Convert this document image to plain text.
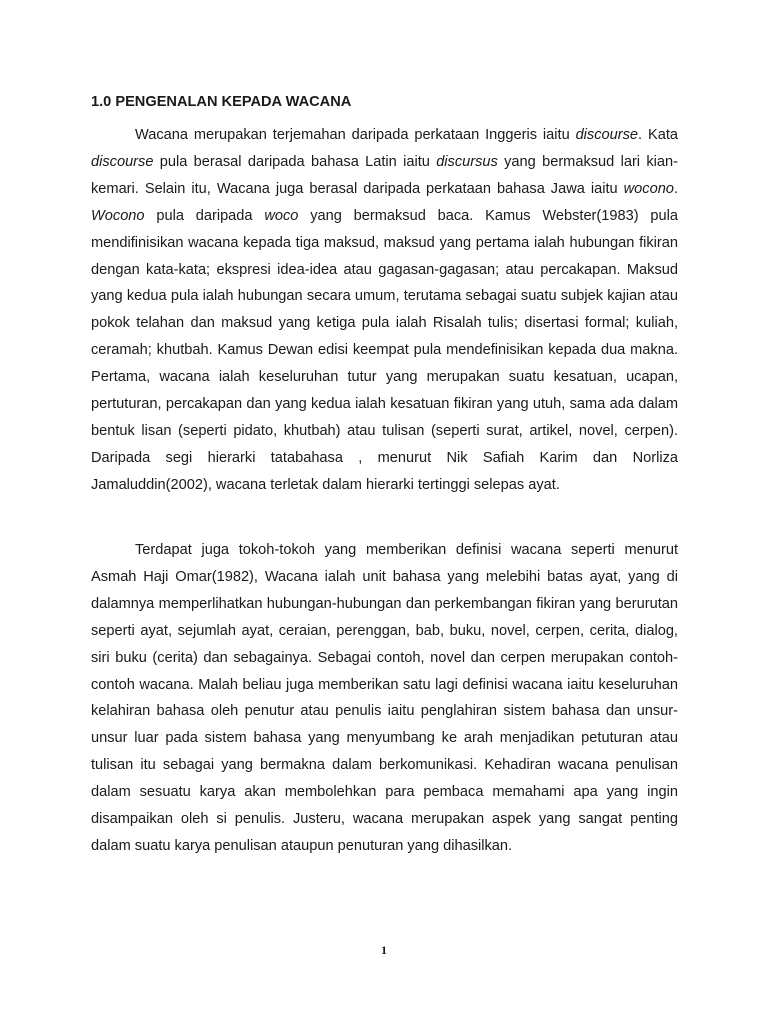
1.0 PENGENALAN KEPADA WACANA

Wacana merupakan terjemahan daripada perkataan Inggeris iaitu discourse. Kata discourse pula berasal daripada bahasa Latin iaitu discursus yang bermaksud lari kian-kemari. Selain itu, Wacana juga berasal daripada perkataan bahasa Jawa iaitu wocono. Wocono pula daripada woco yang bermaksud baca. Kamus Webster(1983) pula mendifinisikan wacana kepada tiga maksud, maksud yang pertama ialah hubungan fikiran dengan kata-kata; ekspresi idea-idea atau gagasan-gagasan; atau percakapan. Maksud yang kedua pula ialah hubungan secara umum, terutama sebagai suatu subjek kajian atau pokok telahan dan maksud yang ketiga pula ialah Risalah tulis; disertasi formal; kuliah, ceramah; khutbah. Kamus Dewan edisi keempat pula mendefinisikan kepada dua makna. Pertama, wacana ialah keseluruhan tutur yang merupakan suatu kesatuan, ucapan, pertuturan, percakapan dan yang kedua ialah kesatuan fikiran yang utuh, sama ada dalam bentuk lisan (seperti pidato, khutbah) atau tulisan (seperti surat, artikel, novel, cerpen). Daripada segi hierarki tatabahasa , menurut Nik Safiah Karim dan Norliza Jamaluddin(2002), wacana terletak dalam hierarki tertinggi selepas ayat.

Terdapat juga tokoh-tokoh yang memberikan definisi wacana seperti menurut Asmah Haji Omar(1982), Wacana ialah unit bahasa yang melebihi batas ayat, yang di dalamnya memperlihatkan hubungan-hubungan dan perkembangan fikiran yang berurutan seperti ayat, sejumlah ayat, ceraian, perenggan, bab, buku, novel, cerpen, cerita, dialog, siri buku (cerita) dan sebagainya. Sebagai contoh, novel dan cerpen merupakan contoh-contoh wacana. Malah beliau juga memberikan satu lagi definisi wacana iaitu keseluruhan kelahiran bahasa oleh penutur atau penulis iaitu penglahiran sistem bahasa dan unsur-unsur luar pada sistem bahasa yang menyumbang ke arah menjadikan petuturan atau tulisan itu sebagai yang bermakna dalam berkomunikasi. Kehadiran wacana penulisan dalam sesuatu karya akan membolehkan para pembaca memahami apa yang ingin disampaikan oleh si penulis. Justeru, wacana merupakan aspek yang sangat penting dalam suatu karya penulisan ataupun penuturan yang dihasilkan.

1
